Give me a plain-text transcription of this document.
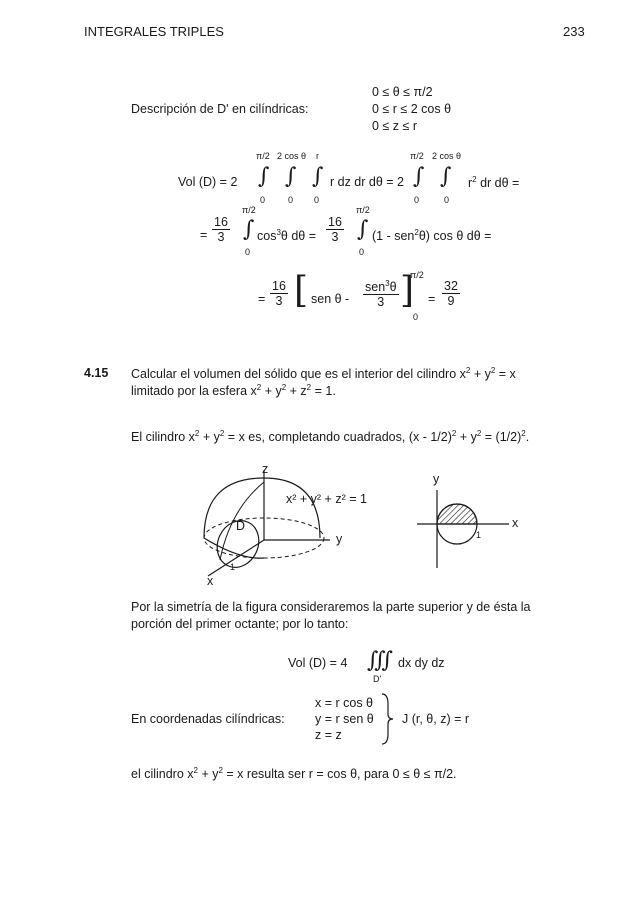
INTEGRALES TRIPLES	233
Descripción de D' en cilíndricas:
0 ≤ θ ≤ π/2
0 ≤ r ≤ 2 cos θ
0 ≤ z ≤ r
Vol (D) = 2
π/2
∫
0
2 cos θ
∫
0
r
∫
0
r dz dr dθ = 2
π/2
∫
0
2 cos θ
∫
0
$r^2$ dr dθ =
= $\frac{16}{3}$
π/2
∫
0
$\cos^3\theta$ $d\theta = \frac{16}{3}$
π/2
∫
0
(1 - sen$^2$θ) cos θ dθ =
= $\frac{16}{3}$ [ sen θ -
sen$^3$θ
3 ]
π/2
0
= $\frac{32}{9}$
4.15 Calcular el volumen del sólido que es el interior del cilindro $x^2 + y^2 = x$
limitado por la esfera $x^2 + y^2 + z^2 = 1$.
El cilindro $x^2 + y^2 = x$ es, completando cuadrados, $(x - 1/2)^2 + y^2 = (1/2)^2$.
z
x² + y² + z² = 1
D
y
1
x
y
x
1
Por la simetría de la figura consideraremos la parte superior y de ésta la
porción del primer octante; por lo tanto:
Vol (D) = 4 ∭ dx dy dz
D'
En coordenadas cilíndricas:
x = r cos θ
y = r sen θ
z = z
J (r, θ, z) = r
el cilindro $x^2 + y^2 = x$ resulta ser r = cos θ, para 0 ≤ θ ≤ π/2.
